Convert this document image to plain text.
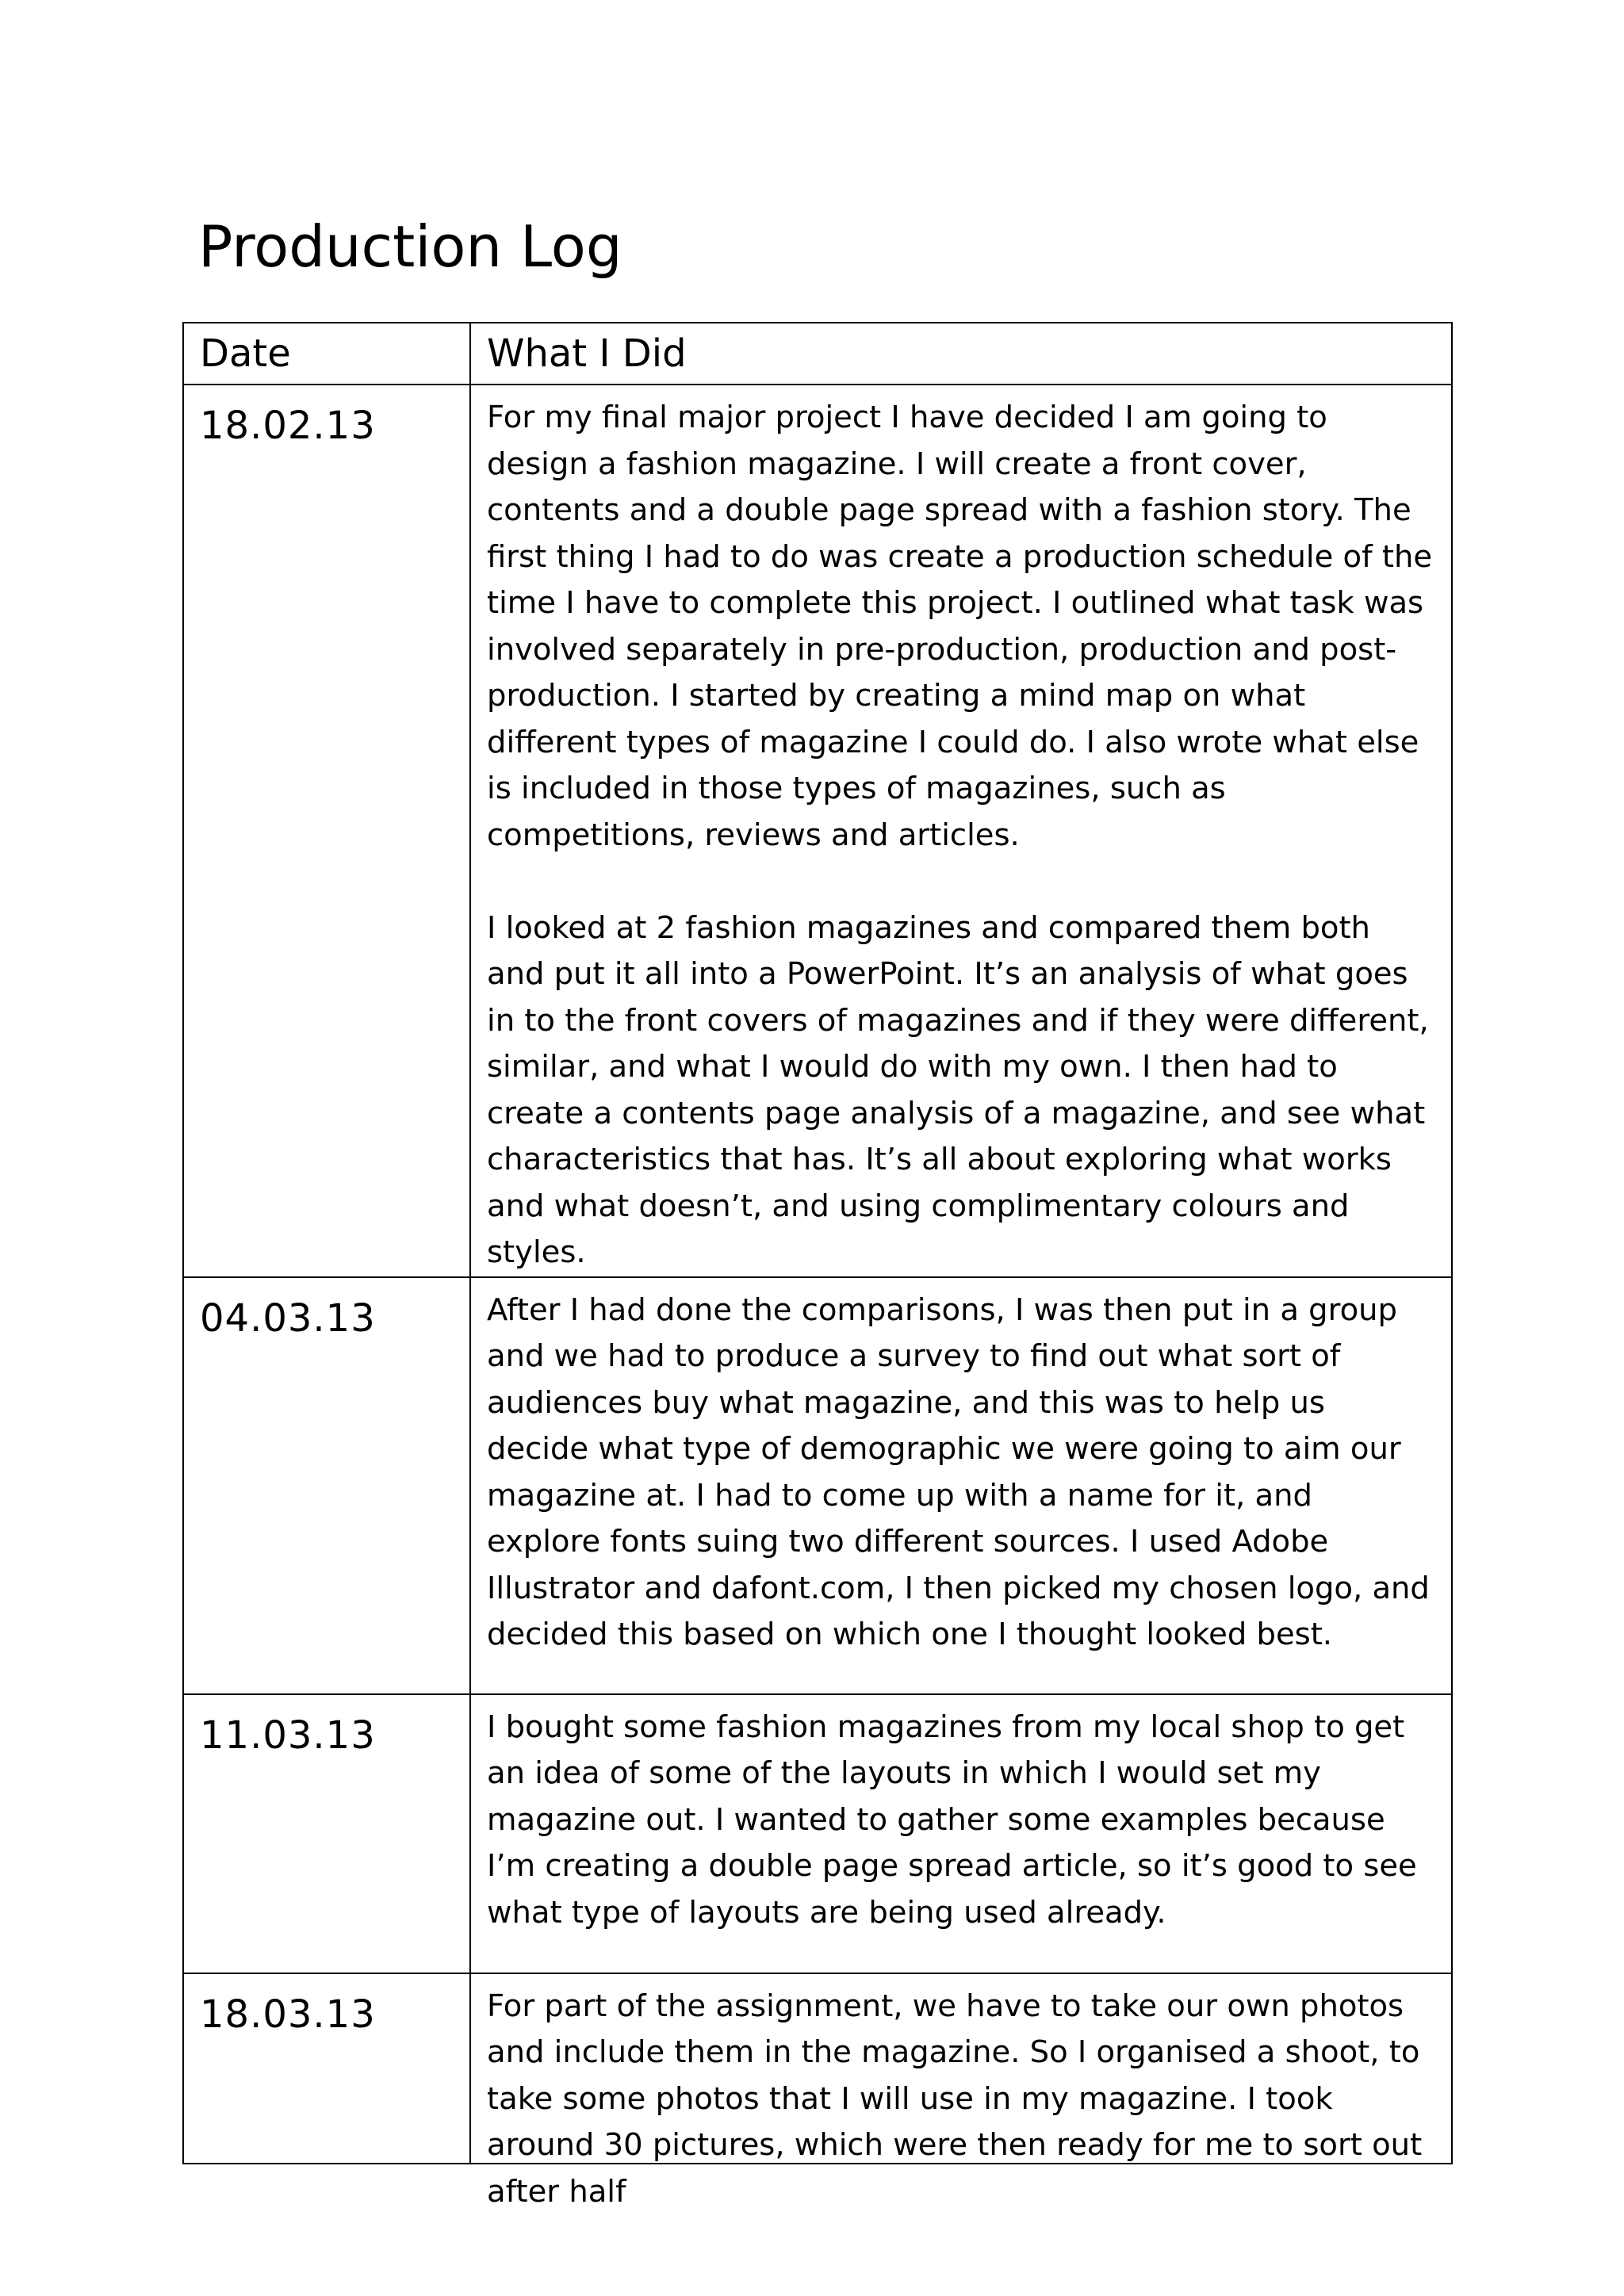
Production Log
Date	What I Did

18.02.13	For my final major project I have decided I am going to design a fashion magazine. I will create a front cover, contents and a double page spread with a fashion story. The first thing I had to do was create a production schedule of the time I have to complete this project. I outlined what task was involved separately in pre-production, production and post-production. I started by creating a mind map on what different types of magazine I could do. I also wrote what else is included in those types of magazines, such as competitions, reviews and articles.

I looked at 2 fashion magazines and compared them both and put it all into a PowerPoint. It’s an analysis of what goes in to the front covers of magazines and if they were different, similar, and what I would do with my own. I then had to create a contents page analysis of a magazine, and see what characteristics that has. It’s all about exploring what works and what doesn’t, and using complimentary colours and styles.

04.03.13	After I had done the comparisons, I was then put in a group and we had to produce a survey to find out what sort of audiences buy what magazine, and this was to help us decide what type of demographic we were going to aim our magazine at. I had to come up with a name for it, and explore fonts suing two different sources. I used Adobe Illustrator and dafont.com, I then picked my chosen logo, and decided this based on which one I thought looked best.

11.03.13	I bought some fashion magazines from my local shop to get an idea of some of the layouts in which I would set my magazine out. I wanted to gather some examples because I’m creating a double page spread article, so it’s good to see what type of layouts are being used already.

18.03.13	For part of the assignment, we have to take our own photos and include them in the magazine. So I organised a shoot, to take some photos that I will use in my magazine. I took around 30 pictures, which were then ready for me to sort out after half
